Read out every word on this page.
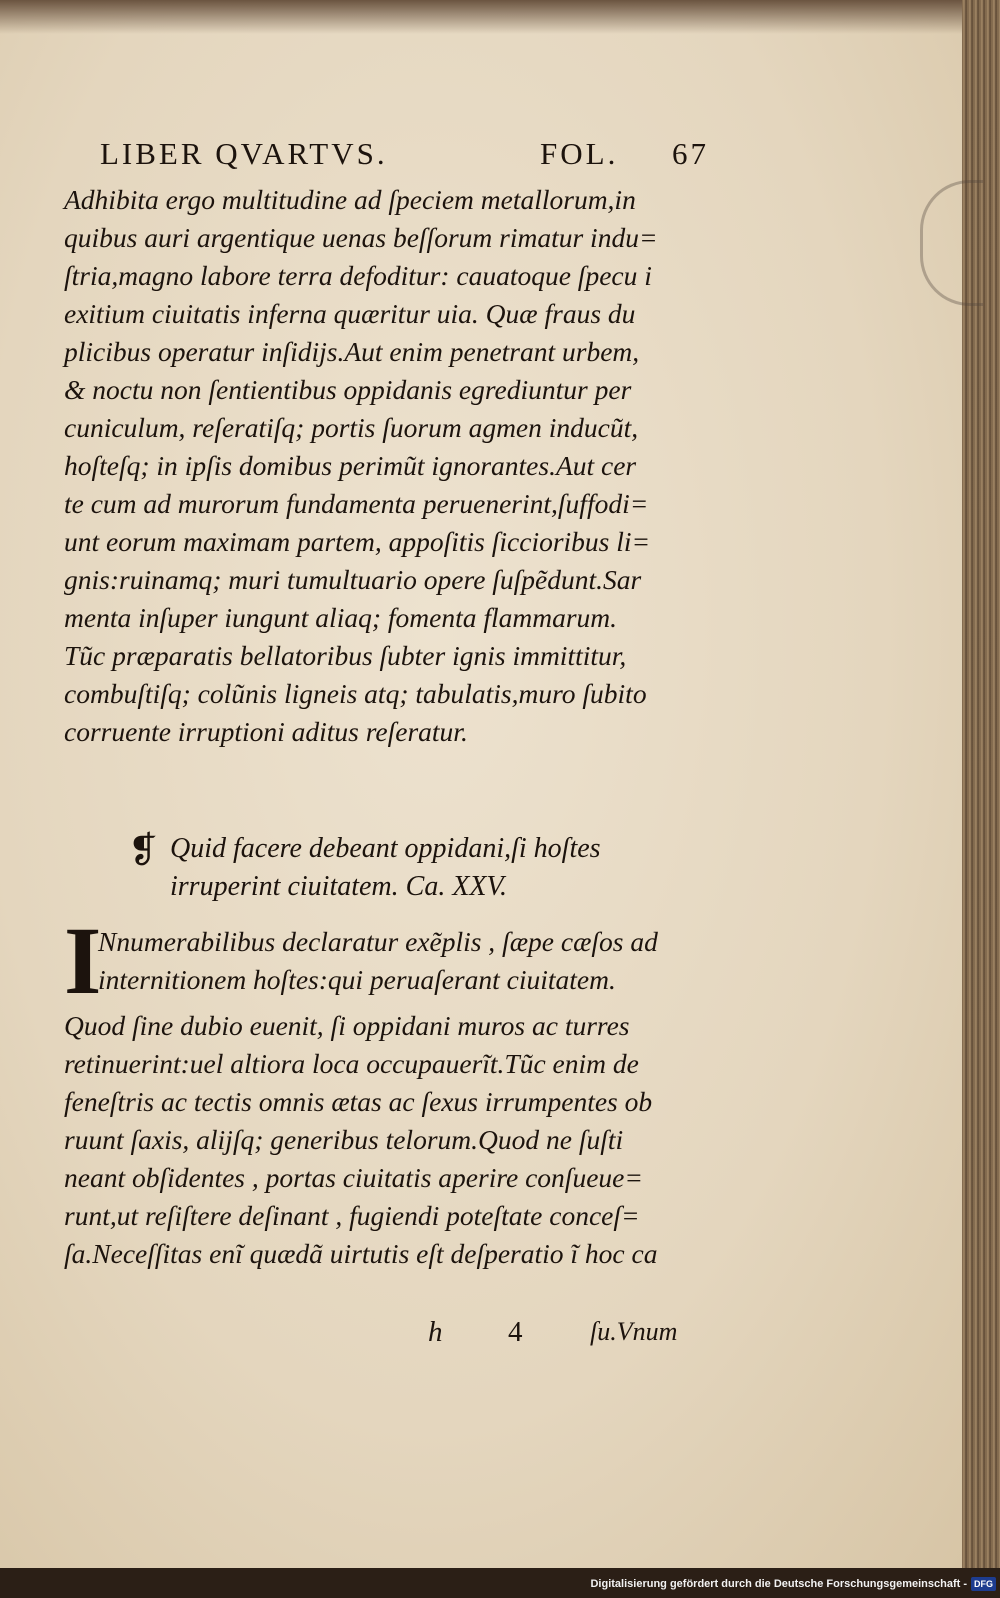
LIBER QVARTVS.	FOL. 67
Adhibita ergo multitudine ad ſpeciem metallorum,in
quibus auri argentique uenas beſſorum rimatur indu=
ſtria,magno labore terra defoditur: cauatoque ſpecu i
exitium ciuitatis inferna quæritur uia. Quæ fraus du
plicibus operatur inſidijs.Aut enim penetrant urbem,
& noctu non ſentientibus oppidanis egrediuntur per
cuniculum, reſeratiſq; portis ſuorum agmen inducũt,
hoſteſq; in ipſis domibus perimũt ignorantes.Aut cer
te cum ad murorum fundamenta peruenerint,ſuffodi=
unt eorum maximam partem, appoſitis ſiccioribus li=
gnis:ruinamq; muri tumultuario opere ſuſpẽdunt.Sar
menta inſuper iungunt aliaq; fomenta flammarum.
Tũc præparatis bellatoribus ſubter ignis immittitur,
combuſtiſq; colũnis ligneis atq; tabulatis,muro ſubito
corruente irruptioni aditus reſeratur.
❡ Quid facere debeant oppidani,ſi hoſtes
irruperint ciuitatem. Ca. XXV.
I
Nnumerabilibus declaratur exẽplis , ſæpe cæſos ad
internitionem hoſtes:qui peruaſerant ciuitatem.
Quod ſine dubio euenit, ſi oppidani muros ac turres
retinuerint:uel altiora loca occupauerĩt.Tũc enim de
feneſtris ac tectis omnis ætas ac ſexus irrumpentes ob
ruunt ſaxis, alijſq; generibus telorum.Quod ne ſuſti
neant obſidentes , portas ciuitatis aperire conſueue=
runt,ut reſiſtere deſinant , fugiendi poteſtate conceſ=
ſa.Neceſſitas enĩ quædã uirtutis eſt deſperatio ĩ hoc ca
h 4	ſu.Vnum
Digitalisierung gefördert durch die Deutsche Forschungsgemeinschaft - DFG
